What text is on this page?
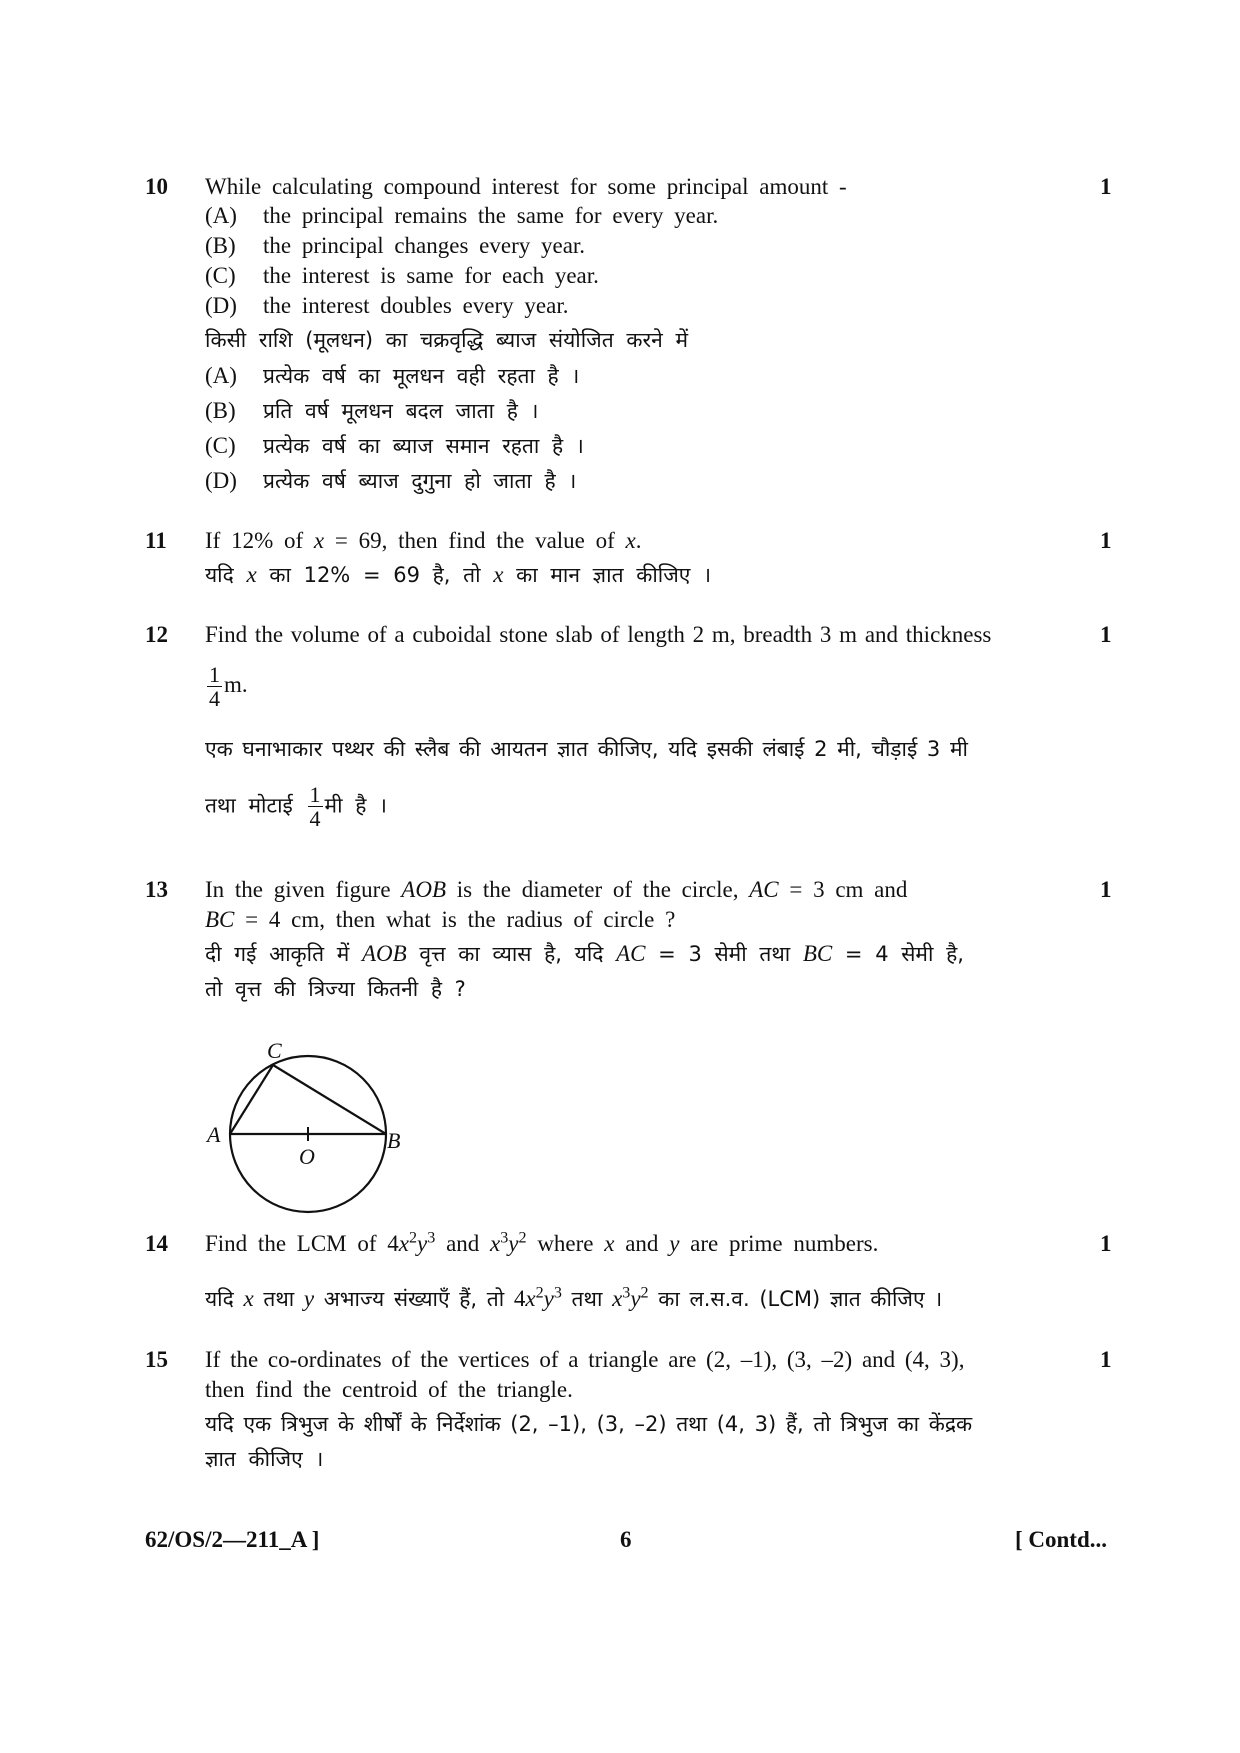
10	1
While calculating compound interest for some principal amount -
(A) the principal remains the same for every year.
(B) the principal changes every year.
(C) the interest is same for each year.
(D) the interest doubles every year.
किसी राशि (मूलधन) का चक्रवृद्धि ब्याज संयोजित करने में
(A) प्रत्येक वर्ष का मूलधन वही रहता है ।
(B) प्रति वर्ष मूलधन बदल जाता है ।
(C) प्रत्येक वर्ष का ब्याज समान रहता है ।
(D) प्रत्येक वर्ष ब्याज दुगुना हो जाता है ।
11	1
If 12% of x = 69, then find the value of x.
यदि x का 12% = 69 है, तो x का मान ज्ञात कीजिए ।
12	1
Find the volume of a cuboidal stone slab of length 2 m, breadth 3 m and thickness
$\frac{1}{4} m$.
एक घनाभाकार पथ्थर की स्लैब की आयतन ज्ञात कीजिए, यदि इसकी लंबाई 2 मी, चौड़ाई 3 मी
तथा मोटाई $\frac{1}{4}$ मी है ।
13	1
In the given figure AOB is the diameter of the circle, AC = 3 cm and
BC = 4 cm, then what is the radius of circle ?
दी गई आकृति में AOB वृत्त का व्यास है, यदि AC = 3 सेमी तथा BC = 4 सेमी है,
तो वृत्त की त्रिज्या कितनी है ?
C
A	B
O
14	1
Find the LCM of $4x^2y^3$ and $x^3y^2$ where x and y are prime numbers.
यदि x तथा y अभाज्य संख्याएँ हैं, तो $4x^2y^3$ तथा $x^3y^2$ का ल.स.व. (LCM) ज्ञात कीजिए ।
15	1
If the co-ordinates of the vertices of a triangle are (2, –1), (3, –2) and (4, 3),
then find the centroid of the triangle.
यदि एक त्रिभुज के शीर्षों के निर्देशांक (2, –1), (3, –2) तथा (4, 3) हैं, तो त्रिभुज का केंद्रक
ज्ञात कीजिए ।
62/OS/2—211_A ]	6	[ Contd...
